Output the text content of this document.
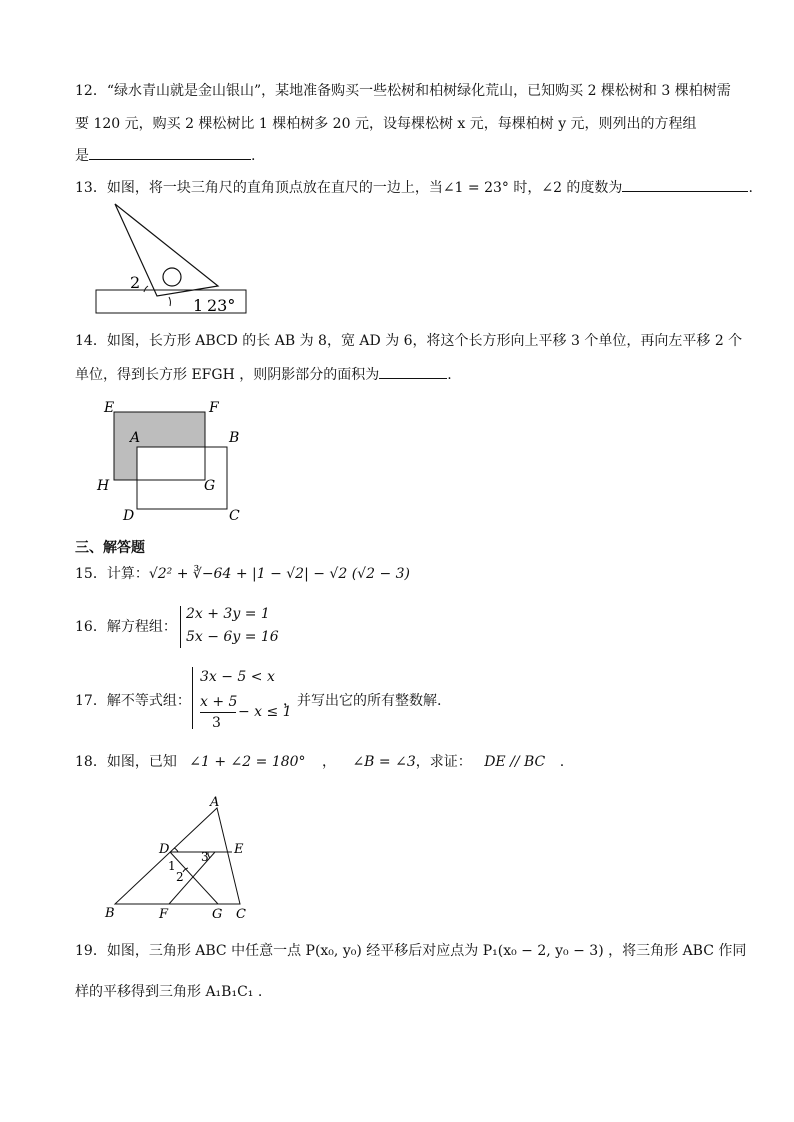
12．“绿水青山就是金山银山”，某地准备购买一些松树和柏树绿化荒山，已知购买 2 棵松树和 3 棵柏树需
要 120 元，购买 2 棵松树比 1 棵柏树多 20 元，设每棵松树 x 元，每棵柏树 y 元，则列出的方程组
是	.
13．如图，将一块三角尺的直角顶点放在直尺的一边上，当∠1 = 23° 时，∠2 的度数为	.
2
1 23°
14．如图，长方形 ABCD 的长 AB 为 8，宽 AD 为 6，将这个长方形向上平移 3 个单位，再向左平移 2 个
单位，得到长方形 EFGH ，则阴影部分的面积为	.
E	F
A	B
H	G
D	C
三、解答题
15．计算：√2² + ∛−64 + |1 − √2| − √2 (√2 − 3)
16．解方程组：
2x + 3y = 1
5x − 6y = 16
17．解不等式组：
3x − 5 < x
x + 5
3
− x ≤ 1
，并写出它的所有整数解.
18．如图，已知 ∠1 + ∠2 = 180° ， ∠B = ∠3，求证： DE // BC .
A
D	E
B	F	G C
1
2
3
19．如图，三角形 ABC 中任意一点 P(x₀, y₀) 经平移后对应点为 P₁(x₀ − 2, y₀ − 3) ，将三角形 ABC 作同
样的平移得到三角形 A₁B₁C₁ .
